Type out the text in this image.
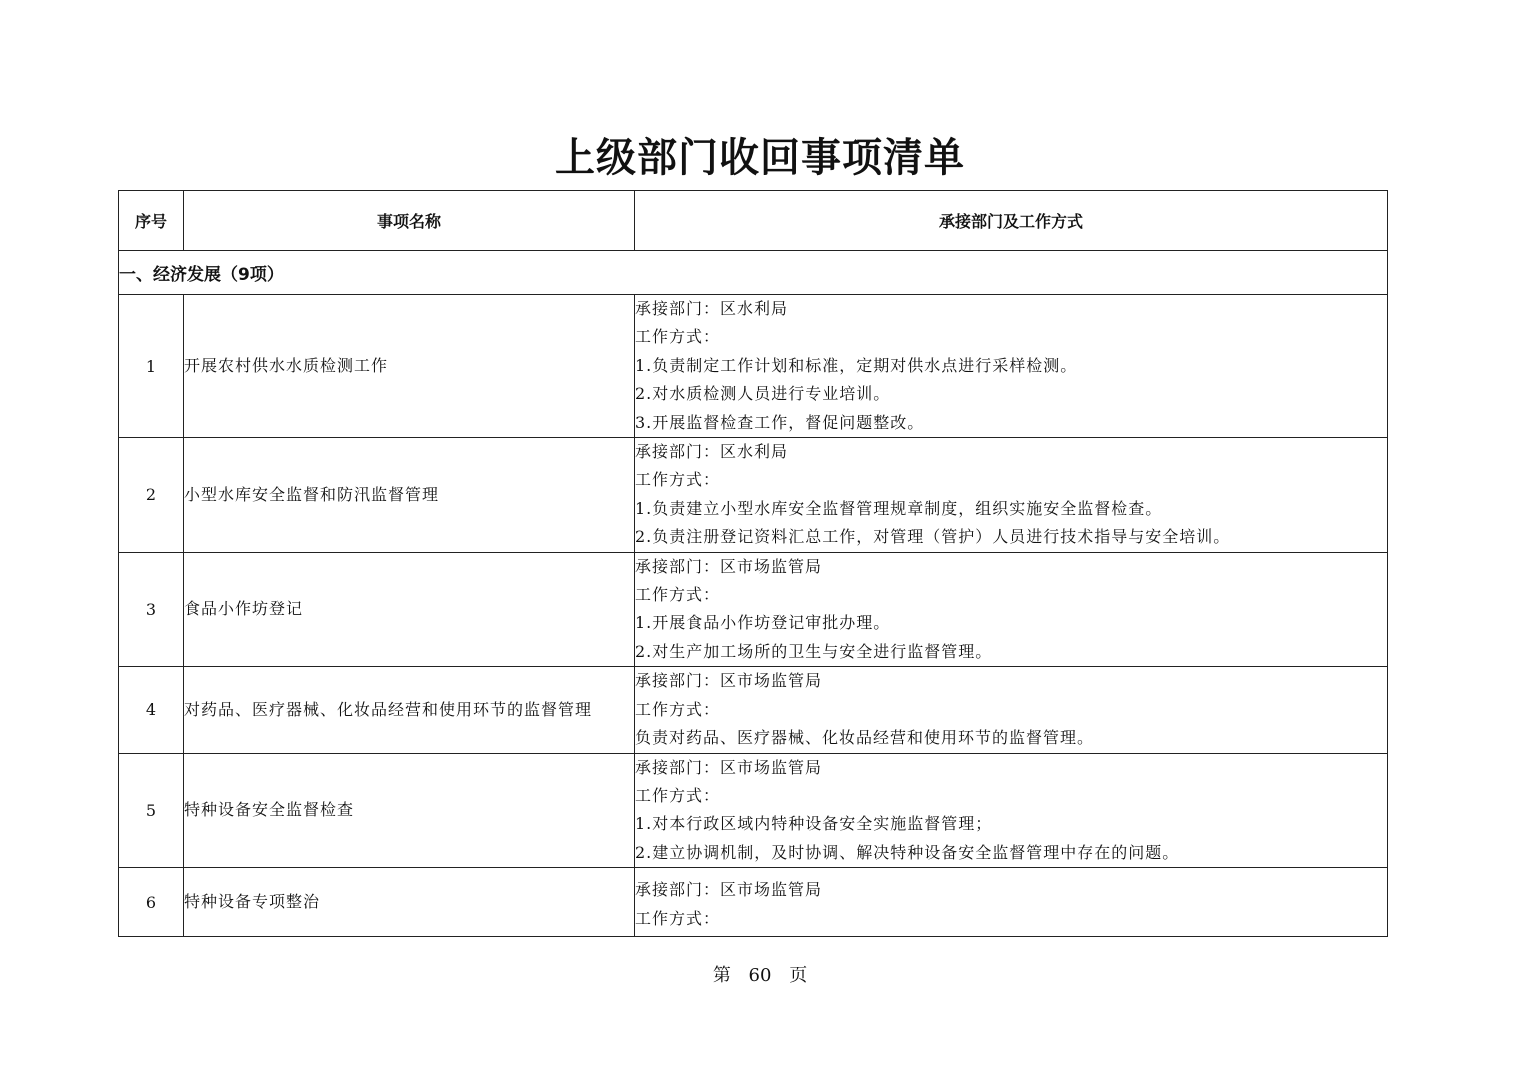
上级部门收回事项清单
序号	事项名称	承接部门及工作方式
一、经济发展（9项）		
1	开展农村供水水质检测工作	承接部门：区水利局
工作方式：
1.负责制定工作计划和标准，定期对供水点进行采样检测。
2.对水质检测人员进行专业培训。
3.开展监督检查工作，督促问题整改。

2	小型水库安全监督和防汛监督管理	承接部门：区水利局
工作方式：
1.负责建立小型水库安全监督管理规章制度，组织实施安全监督检查。
2.负责注册登记资料汇总工作，对管理（管护）人员进行技术指导与安全培训。

3	食品小作坊登记	承接部门：区市场监管局
工作方式：
1.开展食品小作坊登记审批办理。
2.对生产加工场所的卫生与安全进行监督管理。

4	对药品、医疗器械、化妆品经营和使用环节的监督管理	承接部门：区市场监管局
工作方式：
负责对药品、医疗器械、化妆品经营和使用环节的监督管理。

5	特种设备安全监督检查	承接部门：区市场监管局
工作方式：
1.对本行政区域内特种设备安全实施监督管理；
2.建立协调机制，及时协调、解决特种设备安全监督管理中存在的问题。

6	特种设备专项整治	承接部门：区市场监管局
工作方式：
第 60 页
